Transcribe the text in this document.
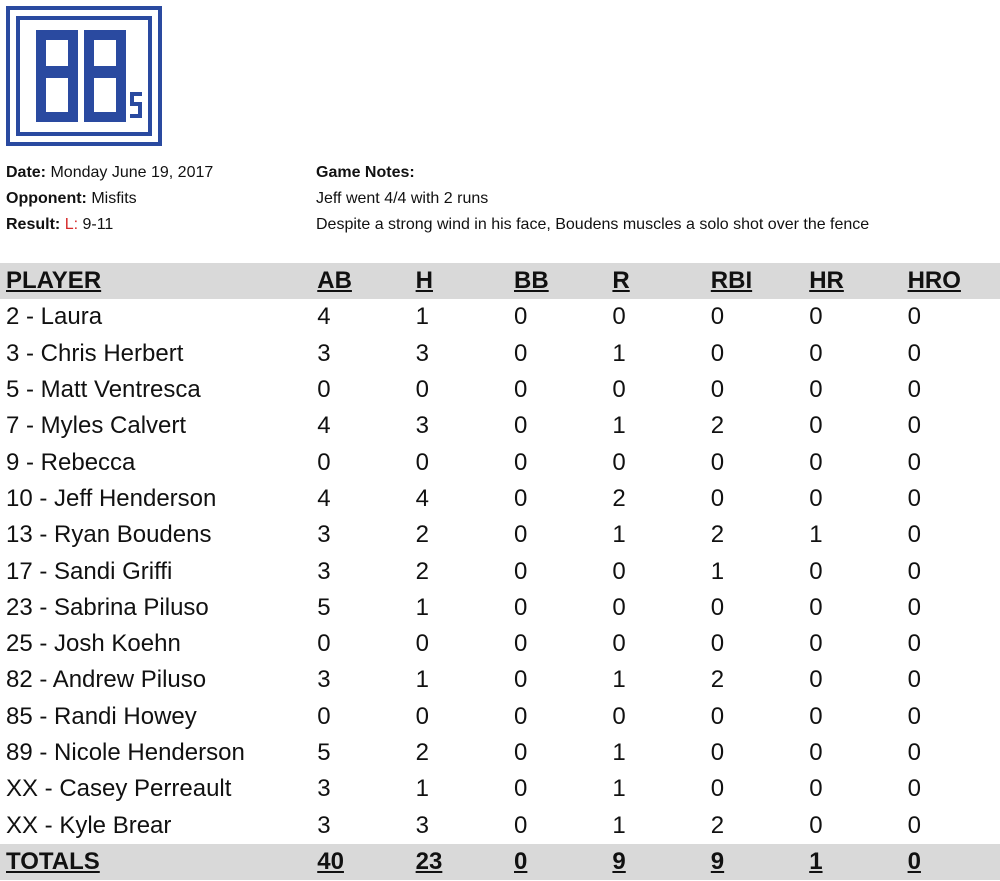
Date: Monday June 19, 2017
Opponent: Misfits
Result: L: 9-11
Game Notes:
Jeff went 4/4 with 2 runs
Despite a strong wind in his face, Boudens muscles a solo shot over the fence
PLAYER	AB	H	BB	R	RBI	HR	HRO
2 - Laura	4	1	0	0	0	0	0
3 - Chris Herbert	3	3	0	1	0	0	0
5 - Matt Ventresca	0	0	0	0	0	0	0
7 - Myles Calvert	4	3	0	1	2	0	0
9 - Rebecca	0	0	0	0	0	0	0
10 - Jeff Henderson	4	4	0	2	0	0	0
13 - Ryan Boudens	3	2	0	1	2	1	0
17 - Sandi Griffi	3	2	0	0	1	0	0
23 - Sabrina Piluso	5	1	0	0	0	0	0
25 - Josh Koehn	0	0	0	0	0	0	0
82 - Andrew Piluso	3	1	0	1	2	0	0
85 - Randi Howey	0	0	0	0	0	0	0
89 - Nicole Henderson	5	2	0	1	0	0	0
XX - Casey Perreault	3	1	0	1	0	0	0
XX - Kyle Brear	3	3	0	1	2	0	0
TOTALS	40	23	0	9	9	1	0
